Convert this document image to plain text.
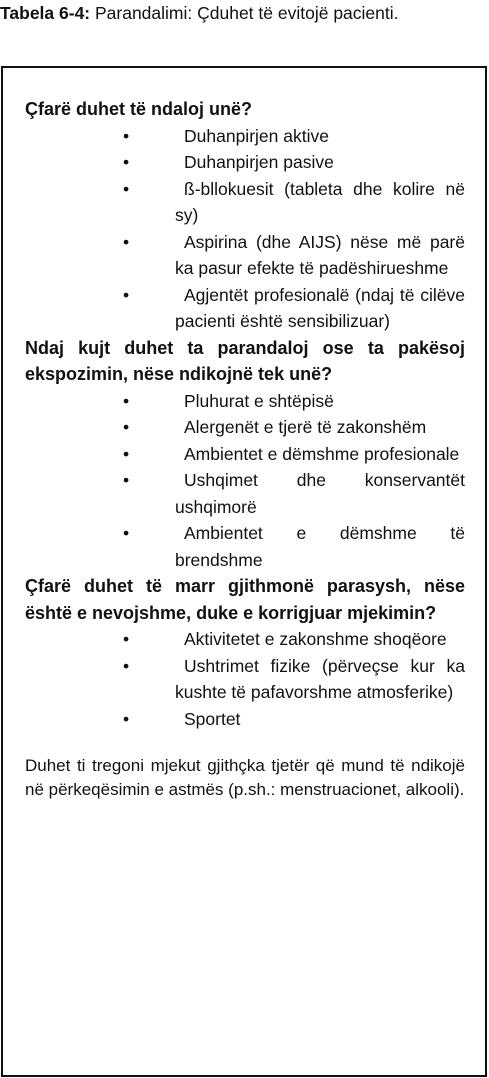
Tabela 6-4: Parandalimi: Çduhet të evitojë pacienti.

Çfarë duhet të ndaloj unë?

•	Duhanpirjen aktive
•	Duhanpirjen pasive
•	ß-bllokuesit (tableta dhe kolire në sy)
•	Aspirina (dhe AIJS) nëse më parë ka pasur efekte të padëshirueshme
•	Agjentët profesionalë (ndaj të cilëve pacienti është sensibilizuar)

Ndaj kujt duhet ta parandaloj ose ta pakësoj ekspozimin, nëse ndikojnë tek unë?

•	Pluhurat e shtëpisë
•	Alergenët e tjerë të zakonshëm
•	Ambientet e dëmshme profesionale
•	Ushqimet dhe konservantët ushqimorë
•	Ambientet e dëmshme të brendshme

Çfarë duhet të marr gjithmonë parasysh, nëse është e nevojshme, duke e korrigjuar mjekimin?

•	Aktivitetet e zakonshme shoqëore
•	Ushtrimet fizike (përveçse kur ka kushte të pafavorshme atmosferike)
•	Sportet

Duhet ti tregoni mjekut gjithçka tjetër që mund të ndikojë në përkeqësimin e astmës (p.sh.: menstruacionet, alkooli).
